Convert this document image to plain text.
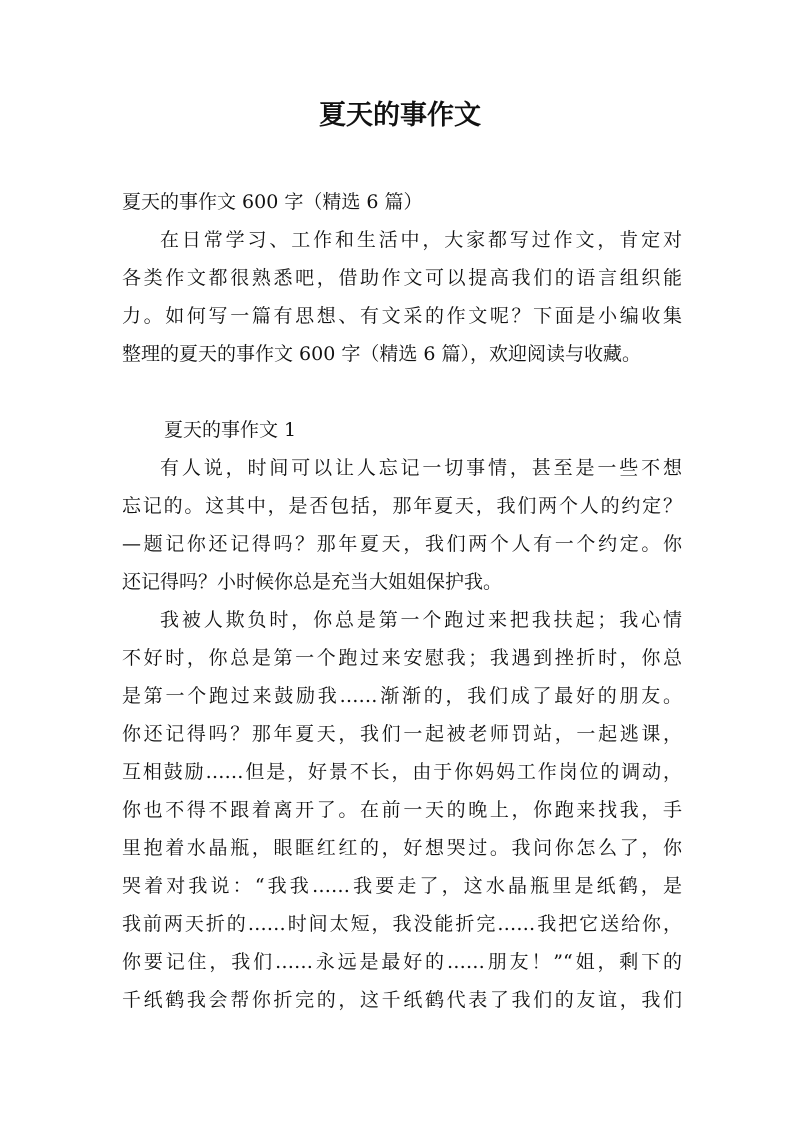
夏天的事作文
夏天的事作文 600 字（精选 6 篇）
在日常学习、工作和生活中，大家都写过作文，肯定对
各类作文都很熟悉吧，借助作文可以提高我们的语言组织能
力。如何写一篇有思想、有文采的作文呢？下面是小编收集
整理的夏天的事作文 600 字（精选 6 篇），欢迎阅读与收藏。
夏天的事作文 1
有人说，时间可以让人忘记一切事情，甚至是一些不想
忘记的。这其中，是否包括，那年夏天，我们两个人的约定？
—题记你还记得吗？那年夏天，我们两个人有一个约定。你
还记得吗？小时候你总是充当大姐姐保护我。
我被人欺负时，你总是第一个跑过来把我扶起；我心情
不好时，你总是第一个跑过来安慰我；我遇到挫折时，你总
是第一个跑过来鼓励我……渐渐的，我们成了最好的朋友。
你还记得吗？那年夏天，我们一起被老师罚站，一起逃课，
互相鼓励……但是，好景不长，由于你妈妈工作岗位的调动，
你也不得不跟着离开了。在前一天的晚上，你跑来找我，手
里抱着水晶瓶，眼眶红红的，好想哭过。我问你怎么了，你
哭着对我说：“我我……我要走了，这水晶瓶里是纸鹤，是
我前两天折的……时间太短，我没能折完……我把它送给你，
你要记住，我们……永远是最好的……朋友！”“姐，剩下的
千纸鹤我会帮你折完的，这千纸鹤代表了我们的友谊，我们
